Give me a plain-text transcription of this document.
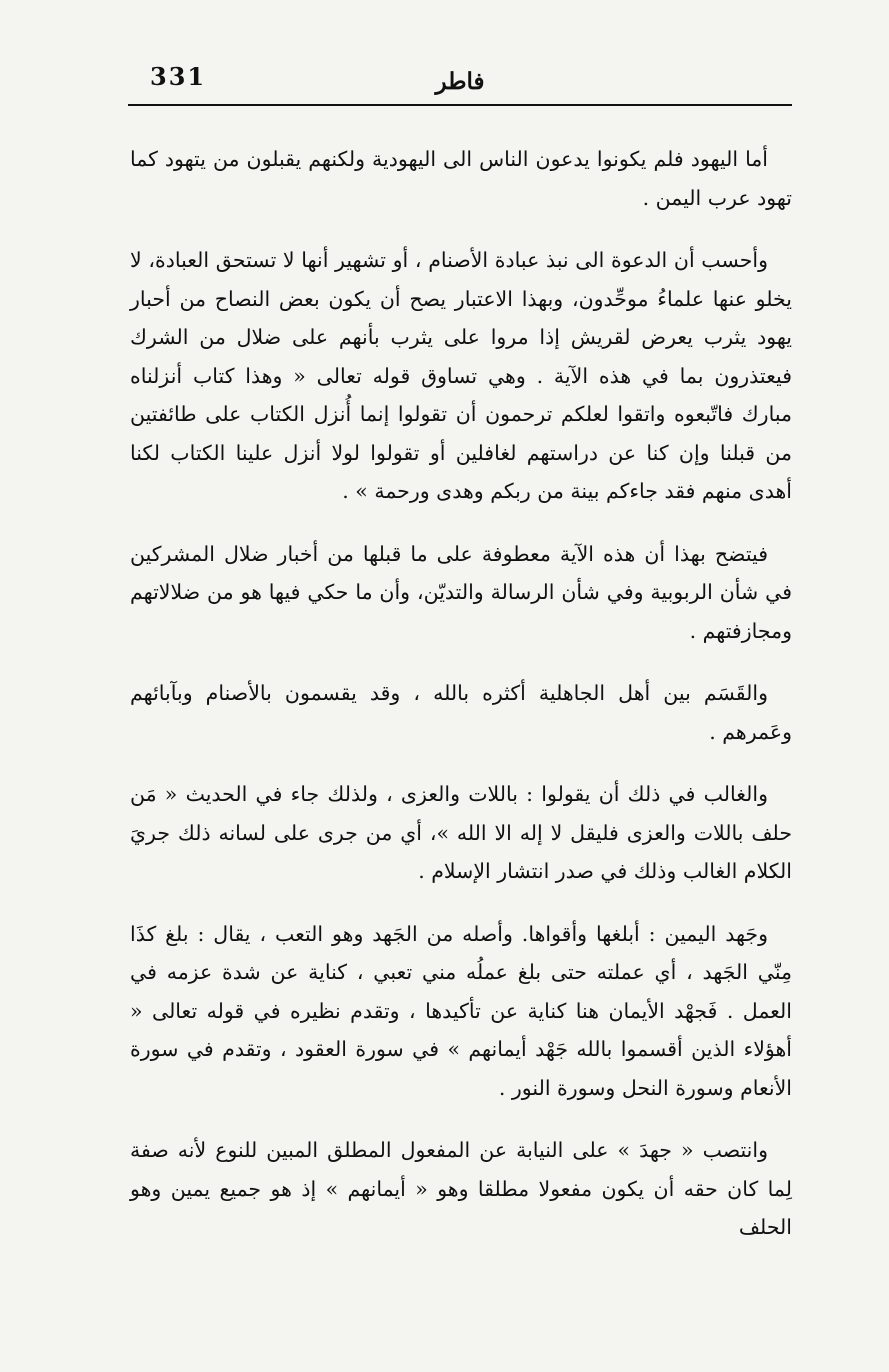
331	فاطر

أما اليهود فلم يكونوا يدعون الناس الى اليهودية ولكنهم يقبلون من يتهود كما تهود عرب اليمن .

وأحسب أن الدعوة الى نبذ عبادة الأصنام ، أو تشهير أنها لا تستحق العبادة، لا يخلو عنها علماءُ موحِّدون، وبهذا الاعتبار يصح أن يكون بعض النصاح من أحبار يهود يثرب يعرض لقريش إذا مروا على يثرب بأنهم على ضلال من الشرك فيعتذرون بما في هذه الآية . وهي تساوق قوله تعالى « وهذا كتاب أنزلناه مبارك فاتّبعوه واتقوا لعلكم ترحمون أن تقولوا إنما أُنزل الكتاب على طائفتين من قبلنا وإن كنا عن دراستهم لغافلين أو تقولوا لولا أنزل علينا الكتاب لكنا أهدى منهم فقد جاءكم بينة من ربكم وهدى ورحمة » .

فيتضح بهذا أن هذه الآية معطوفة على ما قبلها من أخبار ضلال المشركين في شأن الربوبية وفي شأن الرسالة والتديّن، وأن ما حكي فيها هو من ضلالاتهم ومجازفتهم .

والقَسَم بين أهل الجاهلية أكثره بالله ، وقد يقسمون بالأصنام وبآبائهم وعَمرهم .

والغالب في ذلك أن يقولوا : باللات والعزى ، ولذلك جاء في الحديث « مَن حلف باللات والعزى فليقل لا إله الا الله »، أي من جرى على لسانه ذلك جريَ الكلام الغالب وذلك في صدر انتشار الإسلام .

وجَهد اليمين : أبلغها وأقواها. وأصله من الجَهد وهو التعب ، يقال : بلغ كذَا مِنّي الجَهد ، أي عملته حتى بلغ عملُه مني تعبي ، كناية عن شدة عزمه في العمل . فَجهْد الأيمان هنا كناية عن تأكيدها ، وتقدم نظيره في قوله تعالى « أهؤلاء الذين أقسموا بالله جَهْد أيمانهم » في سورة العقود ، وتقدم في سورة الأنعام وسورة النحل وسورة النور .

وانتصب « جهدَ » على النيابة عن المفعول المطلق المبين للنوع لأنه صفة لِما كان حقه أن يكون مفعولا مطلقا وهو « أيمانهم » إذ هو جميع يمين وهو الحلف
